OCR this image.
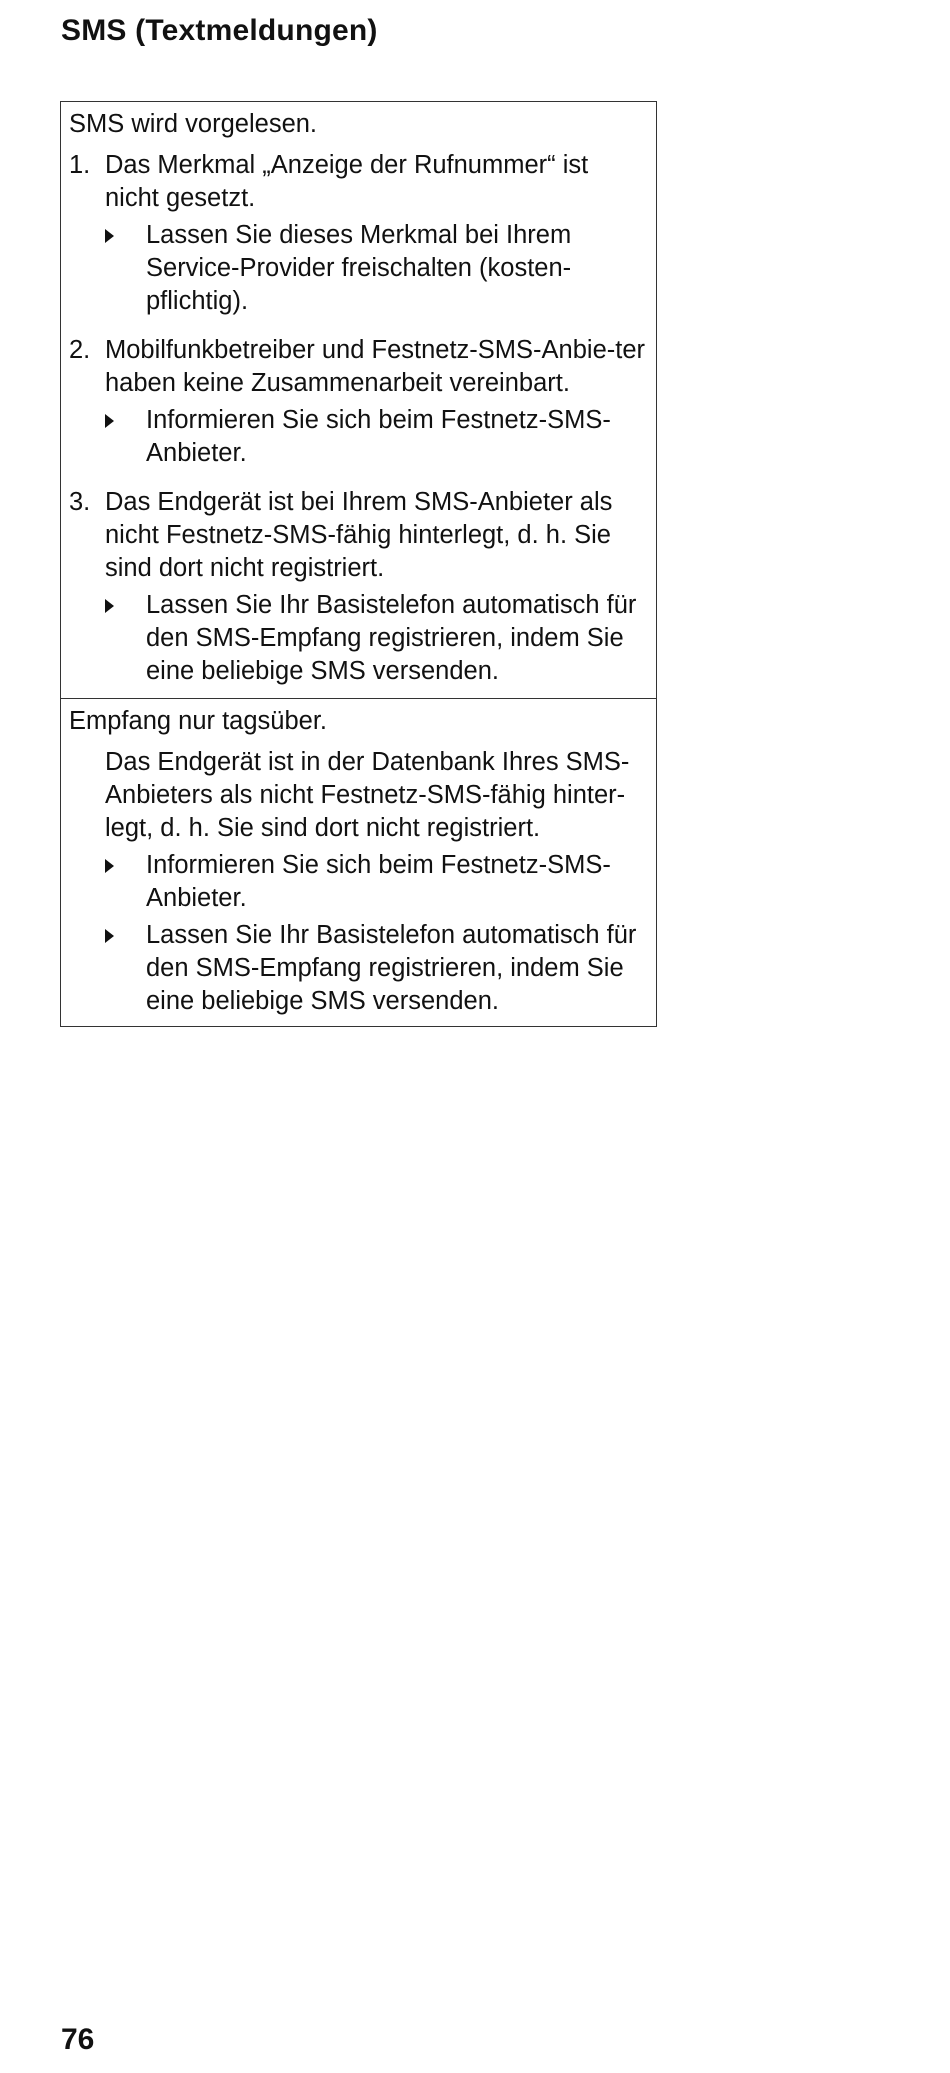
SMS (Textmeldungen)
SMS wird vorgelesen.
1. Das Merkmal „Anzeige der Rufnummer“ ist nicht gesetzt.
Lassen Sie dieses Merkmal bei Ihrem Service-Provider freischalten (kosten-pflichtig).
2. Mobilfunkbetreiber und Festnetz-SMS-Anbie-ter haben keine Zusammenarbeit vereinbart.
Informieren Sie sich beim Festnetz-SMS-Anbieter.
3. Das Endgerät ist bei Ihrem SMS-Anbieter als nicht Festnetz-SMS-fähig hinterlegt, d. h. Sie sind dort nicht registriert.
Lassen Sie Ihr Basistelefon automatisch für den SMS-Empfang registrieren, indem Sie eine beliebige SMS versenden.
Empfang nur tagsüber.
Das Endgerät ist in der Datenbank Ihres SMS-Anbieters als nicht Festnetz-SMS-fähig hinter-legt, d. h. Sie sind dort nicht registriert.
Informieren Sie sich beim Festnetz-SMS-Anbieter.
Lassen Sie Ihr Basistelefon automatisch für den SMS-Empfang registrieren, indem Sie eine beliebige SMS versenden.
76
